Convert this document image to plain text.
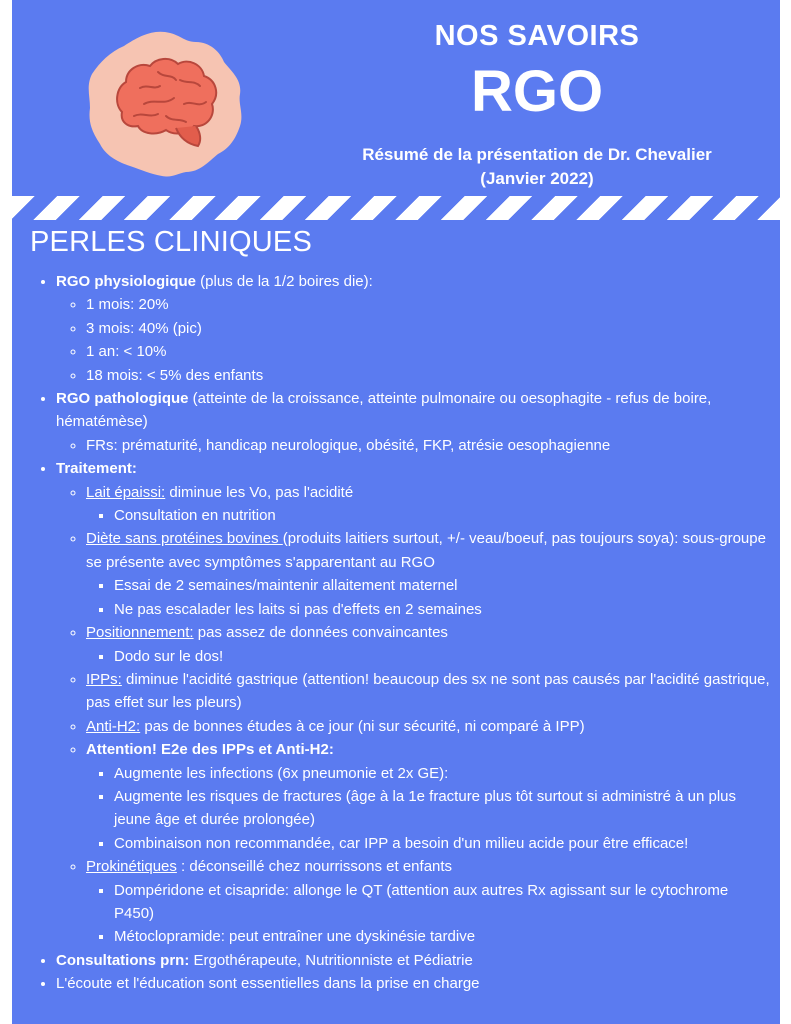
NOS SAVOIRS
RGO
Résumé de la présentation de Dr. Chevalier
(Janvier 2022)
PERLES CLINIQUES
• RGO physiologique (plus de la 1/2 boires die):
◦ 1 mois: 20%
◦ 3 mois: 40% (pic)
◦ 1 an: < 10%
◦ 18 mois: < 5% des enfants
• RGO pathologique (atteinte de la croissance, atteinte pulmonaire ou oesophagite - refus de boire, hématémèse)
◦ FRs: prématurité, handicap neurologique, obésité, FKP, atrésie oesophagienne
• Traitement:
◦ Lait épaissi: diminue les Vo, pas l'acidité
▪ Consultation en nutrition
◦ Diète sans protéines bovines (produits laitiers surtout, +/- veau/boeuf, pas toujours soya): sous-groupe se présente avec symptômes s'apparentant au RGO
▪ Essai de 2 semaines/maintenir allaitement maternel
▪ Ne pas escalader les laits si pas d'effets en 2 semaines
◦ Positionnement: pas assez de données convaincantes
▪ Dodo sur le dos!
◦ IPPs: diminue l'acidité gastrique (attention! beaucoup des sx ne sont pas causés par l'acidité gastrique, pas effet sur les pleurs)
◦ Anti-H2: pas de bonnes études à ce jour (ni sur sécurité, ni comparé à IPP)
◦ Attention! E2e des IPPs et Anti-H2:
▪ Augmente les infections (6x pneumonie et 2x GE):
▪ Augmente les risques de fractures (âge à la 1e fracture plus tôt surtout si administré à un plus jeune âge et durée prolongée)
▪ Combinaison non recommandée, car IPP a besoin d'un milieu acide pour être efficace!
◦ Prokinétiques : déconseillé chez nourrissons et enfants
▪ Dompéridone et cisapride: allonge le QT (attention aux autres Rx agissant sur le cytochrome P450)
▪ Métoclopramide: peut entraîner une dyskinésie tardive
• Consultations prn: Ergothérapeute, Nutritionniste et Pédiatrie
• L'écoute et l'éducation sont essentielles dans la prise en charge
